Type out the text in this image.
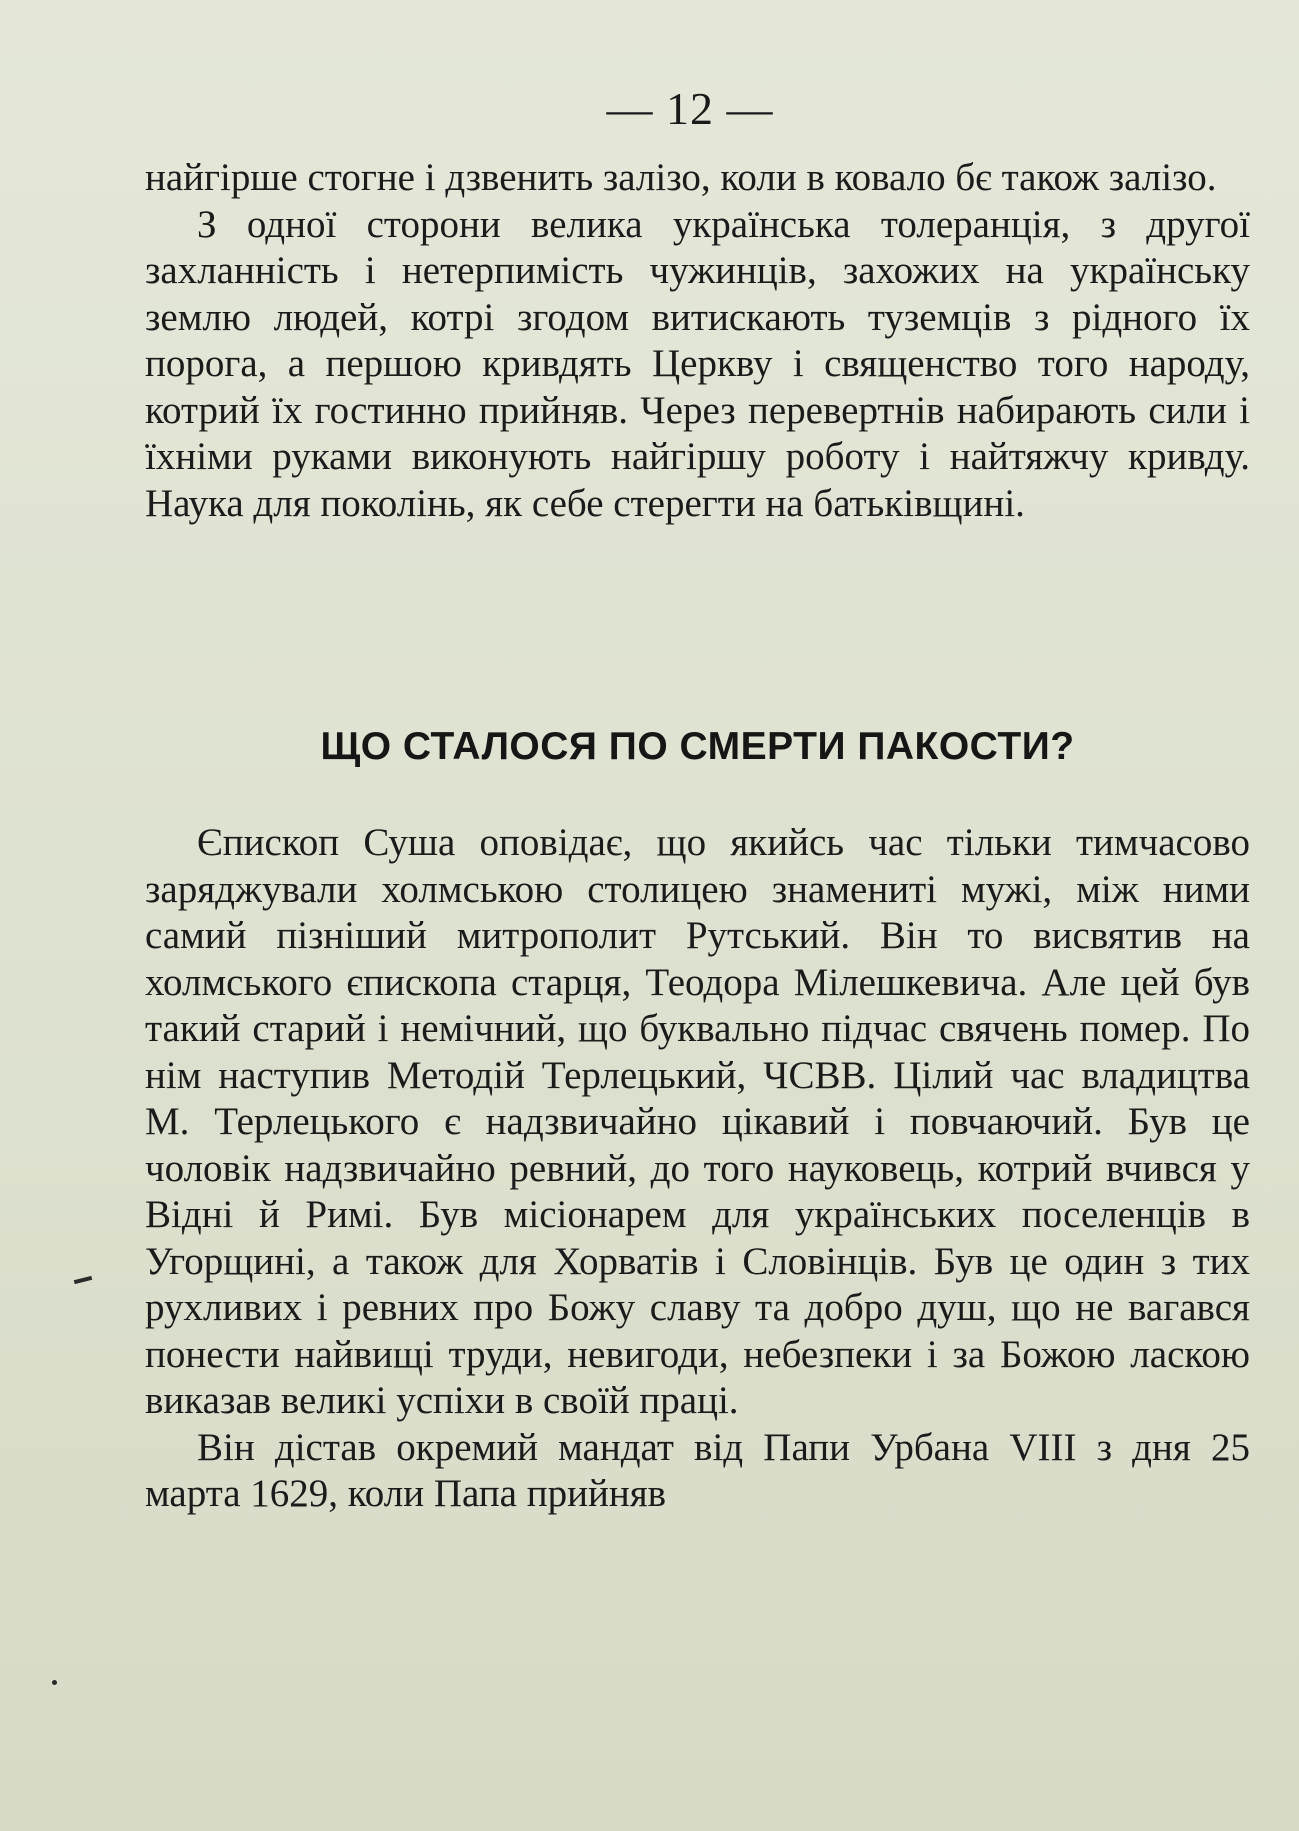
— 12 —

найгірше стогне і дзвенить залізо, коли в ковало бє також залізо.

З одної сторони велика українська толеранція, з другої захланність і нетерпимість чужинців, захожих на українську землю людей, котрі згодом витискають туземців з рідного їх порога, а першою кривдять Церкву і священство того народу, котрий їх гостинно прийняв. Через перевертнів набирають сили і їхніми руками виконують найгіршу роботу і найтяжчу кривду. Наука для поколінь, як себе стерегти на батьківщині.

ЩО СТАЛОСЯ ПО СМЕРТИ ПАКОСТИ?

Єпископ Суша оповідає, що якийсь час тільки тимчасово заряджували холмською столицею знамениті мужі, між ними самий пізніший митрополит Рутський. Він то висвятив на холмського єпископа старця, Теодора Мілешкевича. Але цей був такий старий і немічний, що буквально підчас свячень помер. По нім наступив Методій Терлецький, ЧСВВ. Цілий час владицтва М. Терлецького є надзвичайно цікавий і повчаючий. Був це чоловік надзвичайно ревний, до того науковець, котрий вчився у Відні й Римі. Був місіонарем для українських поселенців в Угорщині, а також для Хорватів і Словінців. Був це один з тих рухливих і ревних про Божу славу та добро душ, що не вагався понести найвищі труди, невигоди, небезпеки і за Божою ласкою виказав великі успіхи в своїй праці.

Він дістав окремий мандат від Папи Урбана VIII з дня 25 марта 1629, коли Папа прийняв
